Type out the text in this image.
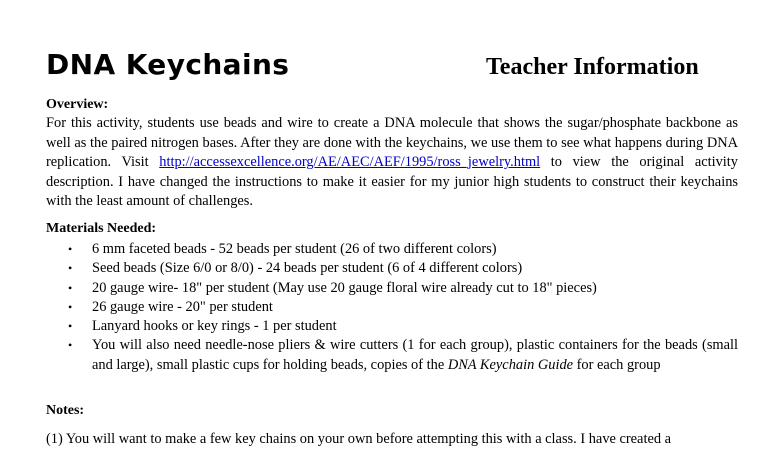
DNA Keychains	Teacher Information
Overview:

For this activity, students use beads and wire to create a DNA molecule that shows the sugar/phosphate backbone as well as the paired nitrogen bases. After they are done with the keychains, we use them to see what happens during DNA replication. Visit http://accessexcellence.org/AE/AEC/AEF/1995/ross_jewelry.html to view the original activity description. I have changed the instructions to make it easier for my junior high students to construct their keychains with the least amount of challenges.

Materials Needed:
• 6 mm faceted beads - 52 beads per student (26 of two different colors)
• Seed beads (Size 6/0 or 8/0) - 24 beads per student (6 of 4 different colors)
• 20 gauge wire- 18" per student (May use 20 gauge floral wire already cut to 18" pieces)
• 26 gauge wire - 20" per student
• Lanyard hooks or key rings - 1 per student
• You will also need needle-nose pliers & wire cutters (1 for each group), plastic containers for the beads (small and large), small plastic cups for holding beads, copies of the DNA Keychain Guide for each group
Notes:
(1) You will want to make a few key chains on your own before attempting this with a class. I have created a
